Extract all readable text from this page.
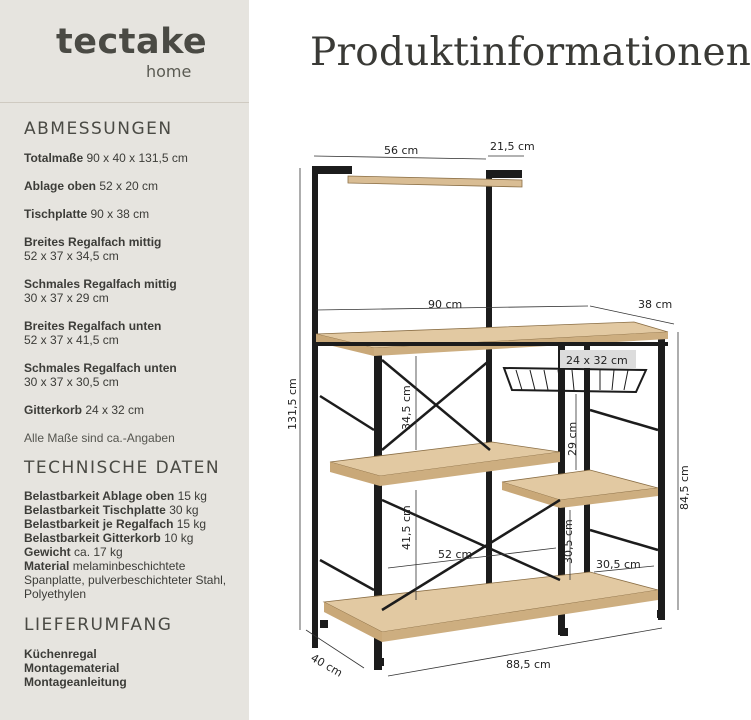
tectake
home	Produktinformationen
ABMESSUNGEN
Totalmaße 90 x 40 x 131,5 cm
Ablage oben 52 x 20 cm
Tischplatte 90 x 38 cm
Breites Regalfach mittig
52 x 37 x 34,5 cm
Schmales Regalfach mittig
30 x 37 x 29 cm
Breites Regalfach unten
52 x 37 x 41,5 cm
Schmales Regalfach unten
30 x 37 x 30,5 cm
Gitterkorb 24 x 32 cm
Alle Maße sind ca.-Angaben
TECHNISCHE DATEN
Belastbarkeit Ablage oben 15 kg
Belastbarkeit Tischplatte 30 kg
Belastbarkeit je Regalfach 15 kg
Belastbarkeit Gitterkorb 10 kg
Gewicht ca. 17 kg
Material melaminbeschichtete Spanplatte, pulverbeschichteter Stahl, Polyethylen
LIEFERUMFANG
Küchenregal
Montagematerial
Montageanleitung
56 cm	21,5 cm
90 cm	38 cm
24 x 32 cm
131,5 cm	34,5 cm
29 cm
41,5 cm
52 cm	30,5 cm
30,5 cm
84,5 cm
40 cm	88,5 cm
